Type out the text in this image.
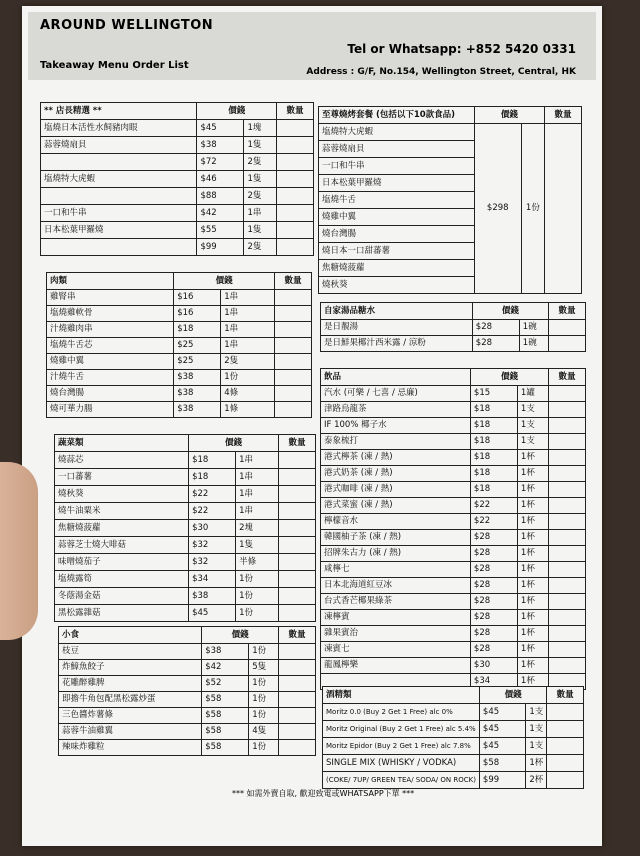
AROUND WELLINGTON
Takeaway Menu Order List
Tel or Whatsapp: +852 5420 0331
Address : G/F, No.154, Wellington Street, Central, HK
** 店長精選 **	價錢		數量
塩燒日本活性水飼豬肉眼	$45	1塊	
蒜蓉燒扇貝	$38	1隻	
	$72	2隻	
塩燒特大虎蝦	$46	1隻	
	$88	2隻	
一口和牛串	$42	1串	
日本松葉甲羅燒	$55	1隻	
	$99	2隻	
肉類	價錢		數量
雞腎串	$16	1串	
塩燒雞軟骨	$16	1串	
汁燒雞肉串	$18	1串	
塩燒牛舌芯	$25	1串	
燒雞中翼	$25	2隻	
汁燒牛舌	$38	1份	
燒台灣腸	$38	4條	
燒可華力腸	$38	1條	
蔬菜類	價錢		數量
燒蒜芯	$18	1串	
一口蕃薯	$18	1串	
燒秋葵	$22	1串	
燒牛油粟米	$22	1串	
焦糖燒菠蘿	$30	2塊	
蒜蓉芝士燒大啡菇	$32	1隻	
味噌燒茄子	$32	半條	
塩燒露筍	$34	1份	
冬蔭湯金菇	$38	1份	
黑松露雜菇	$45	1份	
小食	價錢		數量
枝豆	$38	1份	
炸鱆魚餃子	$42	5隻	
花雕醉雞脾	$52	1份	
即擔牛角包配黑松露炒蛋	$58	1份	
三色醬炸薯條	$58	1份	
蒜蓉牛油雞翼	$58	4隻	
辣味炸雞粒	$58	1份	
至尊燒烤套餐 (包括以下10款食品)	價錢		數量
塩燒特大虎蝦	$298	1份	
蒜蓉燒扇貝			
一口和牛串			
日本松葉甲羅燒			
塩燒牛舌			
燒雞中翼			
燒台灣腸			
燒日本一口甜蕃薯			
焦糖燒菠蘿			
燒秋葵			
自家湯品糖水	價錢		數量
是日靚湯	$28	1碗	
是日鮮果椰汁西米露 / 涼粉	$28	1碗	
飲品	價錢		數量
汽水 (可樂 / 七喜 / 忌廉)	$15	1罐	
津路烏龍茶	$18	1支	
IF 100% 椰子水	$18	1支	
泰象梳打	$18	1支	
港式檸茶 (凍 / 熱)	$18	1杯	
港式奶茶 (凍 / 熱)	$18	1杯	
港式咖啡 (凍 / 熱)	$18	1杯	
港式菜蜜 (凍 / 熱)	$22	1杯	
檸檬音水	$22	1杯	
韓國柚子茶 (凍 / 熱)	$28	1杯	
招牌朱古力 (凍 / 熱)	$28	1杯	
咸檸七	$28	1杯	
日本北海道紅豆冰	$28	1杯	
台式香芒椰果綠茶	$28	1杯	
凍檸賓	$28	1杯	
雜果賓治	$28	1杯	
凍賓七	$28	1杯	
龍鳳檸樂	$30	1杯	
	$34	1杯	
酒精類	價錢		數量
Moritz 0.0 (Buy 2 Get 1 Free) alc 0%	$45	1支	
Moritz Original (Buy 2 Get 1 Free) alc 5.4%	$45	1支	
Moritz Epidor (Buy 2 Get 1 Free) alc 7.8%	$45	1支	
SINGLE MIX (WHISKY / VODKA)	$58	1杯	
(COKE/ 7UP/ GREEN TEA/ SODA/ ON ROCK)	$99	2杯	
*** 如需外賣自取, 歡迎致電或WHATSAPP下單 ***
